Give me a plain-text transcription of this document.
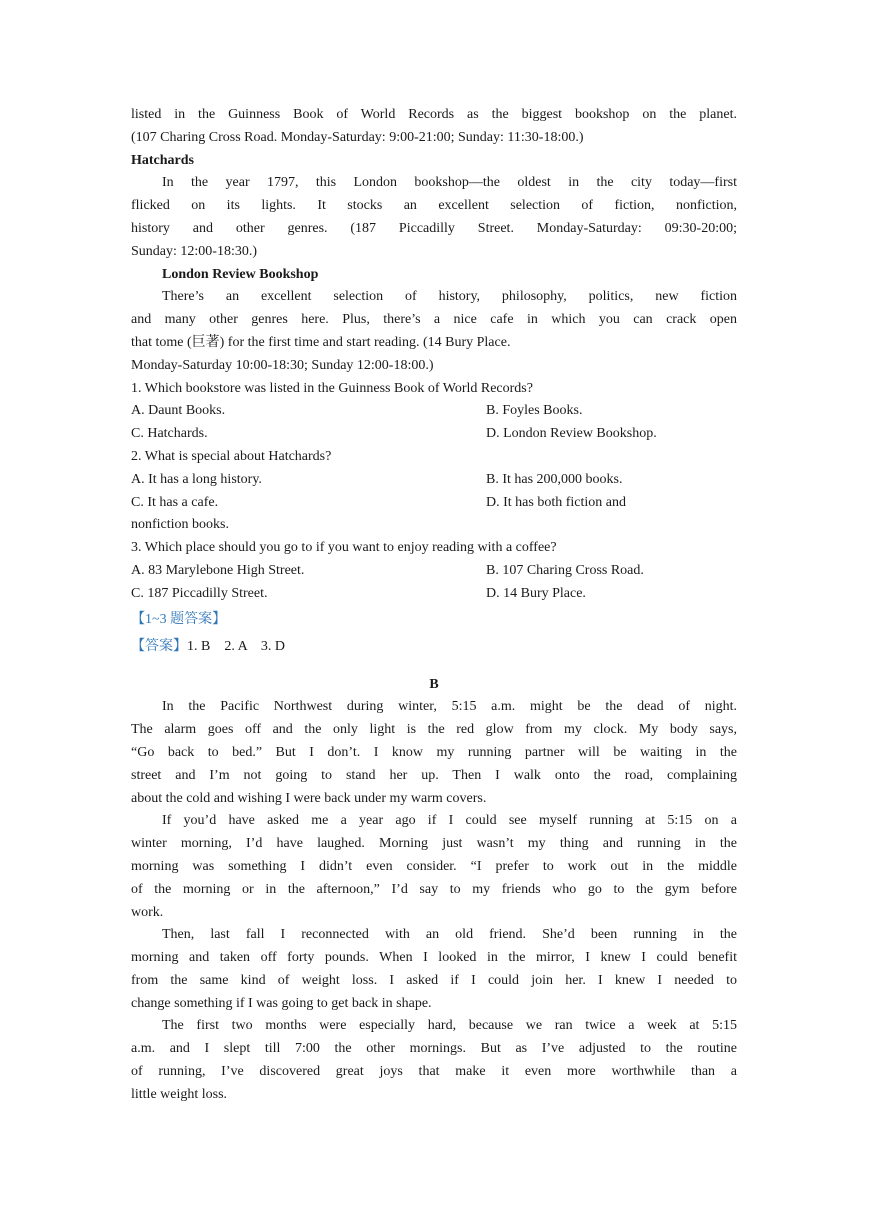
listed in the Guinness Book of World Records as the biggest bookshop on the planet.
(107 Charing Cross Road. Monday-Saturday: 9:00-21:00; Sunday: 11:30-18:00.)
Hatchards
In the year 1797, this London bookshop—the oldest in the city today—first
flicked on its lights. It stocks an excellent selection of fiction, nonfiction,
history and other genres. (187 Piccadilly Street. Monday-Saturday: 09:30-20:00;
Sunday: 12:00-18:30.)
London Review Bookshop
There’s an excellent selection of history, philosophy, politics, new fiction
and many other genres here. Plus, there’s a nice cafe in which you can crack open
that tome (巨著) for the first time and start reading. (14 Bury Place.
Monday-Saturday 10:00-18:30; Sunday 12:00-18:00.)
1. Which bookstore was listed in the Guinness Book of World Records?
A. Daunt Books.	B. Foyles Books.
C. Hatchards.	D. London Review Bookshop.
2. What is special about Hatchards?
A. It has a long history.	B. It has 200,000 books.
C. It has a cafe.	D. It has both fiction and
nonfiction books.
3. Which place should you go to if you want to enjoy reading with a coffee?
A. 83 Marylebone High Street.	B. 107 Charing Cross Road.
C. 187 Piccadilly Street.	D. 14 Bury Place.
【1~3 题答案】
【答案】1. B    2. A    3. D
B
In the Pacific Northwest during winter, 5:15 a.m. might be the dead of night.
The alarm goes off and the only light is the red glow from my clock. My body says,
“Go back to bed.” But I don’t. I know my running partner will be waiting in the
street and I’m not going to stand her up. Then I walk onto the road, complaining
about the cold and wishing I were back under my warm covers.
If you’d have asked me a year ago if I could see myself running at 5:15 on a
winter morning, I’d have laughed. Morning just wasn’t my thing and running in the
morning was something I didn’t even consider. “I prefer to work out in the middle
of the morning or in the afternoon,” I’d say to my friends who go to the gym before
work.
Then, last fall I reconnected with an old friend. She’d been running in the
morning and taken off forty pounds. When I looked in the mirror, I knew I could benefit
from the same kind of weight loss. I asked if I could join her. I knew I needed to
change something if I was going to get back in shape.
The first two months were especially hard, because we ran twice a week at 5:15
a.m. and I slept till 7:00 the other mornings. But as I’ve adjusted to the routine
of running, I’ve discovered great joys that make it even more worthwhile than a
little weight loss.
